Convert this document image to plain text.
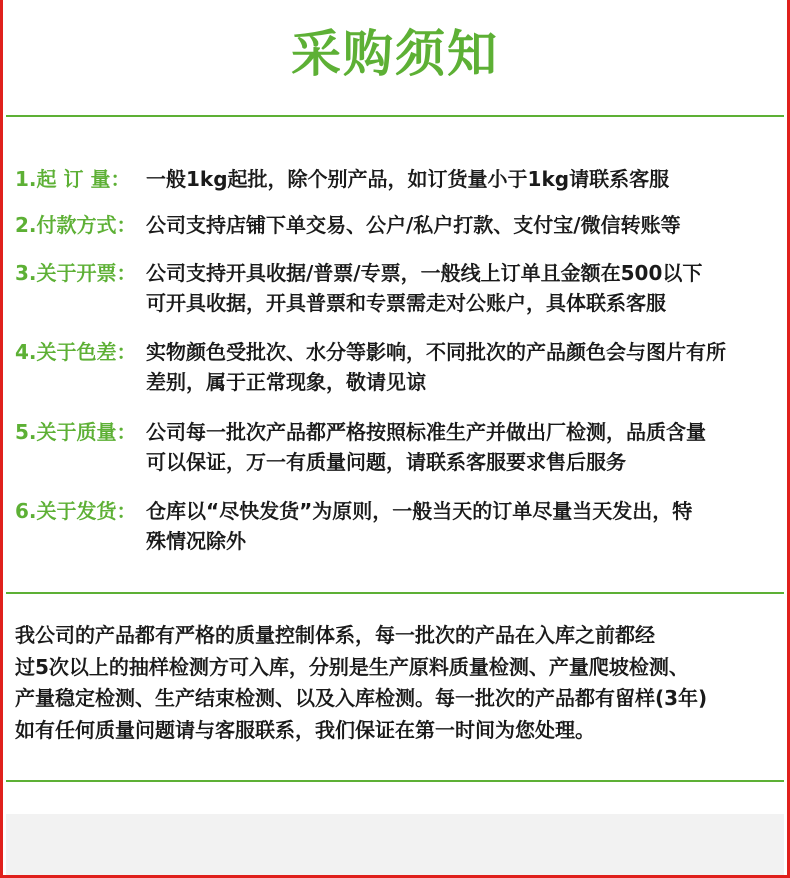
采购须知
1.起 订 量： 一般1kg起批，除个别产品，如订货量小于1kg请联系客服
2.付款方式： 公司支持店铺下单交易、公户/私户打款、支付宝/微信转账等
3.关于开票： 公司支持开具收据/普票/专票，一般线上订单且金额在500以下
可开具收据，开具普票和专票需走对公账户，具体联系客服
4.关于色差： 实物颜色受批次、水分等影响，不同批次的产品颜色会与图片有所
差别，属于正常现象，敬请见谅
5.关于质量： 公司每一批次产品都严格按照标准生产并做出厂检测，品质含量
可以保证，万一有质量问题，请联系客服要求售后服务
6.关于发货： 仓库以“尽快发货”为原则，一般当天的订单尽量当天发出，特
殊情况除外
我公司的产品都有严格的质量控制体系，每一批次的产品在入库之前都经
过5次以上的抽样检测方可入库，分别是生产原料质量检测、产量爬坡检测、
产量稳定检测、生产结束检测、以及入库检测。每一批次的产品都有留样(3年)
如有任何质量问题请与客服联系，我们保证在第一时间为您处理。
